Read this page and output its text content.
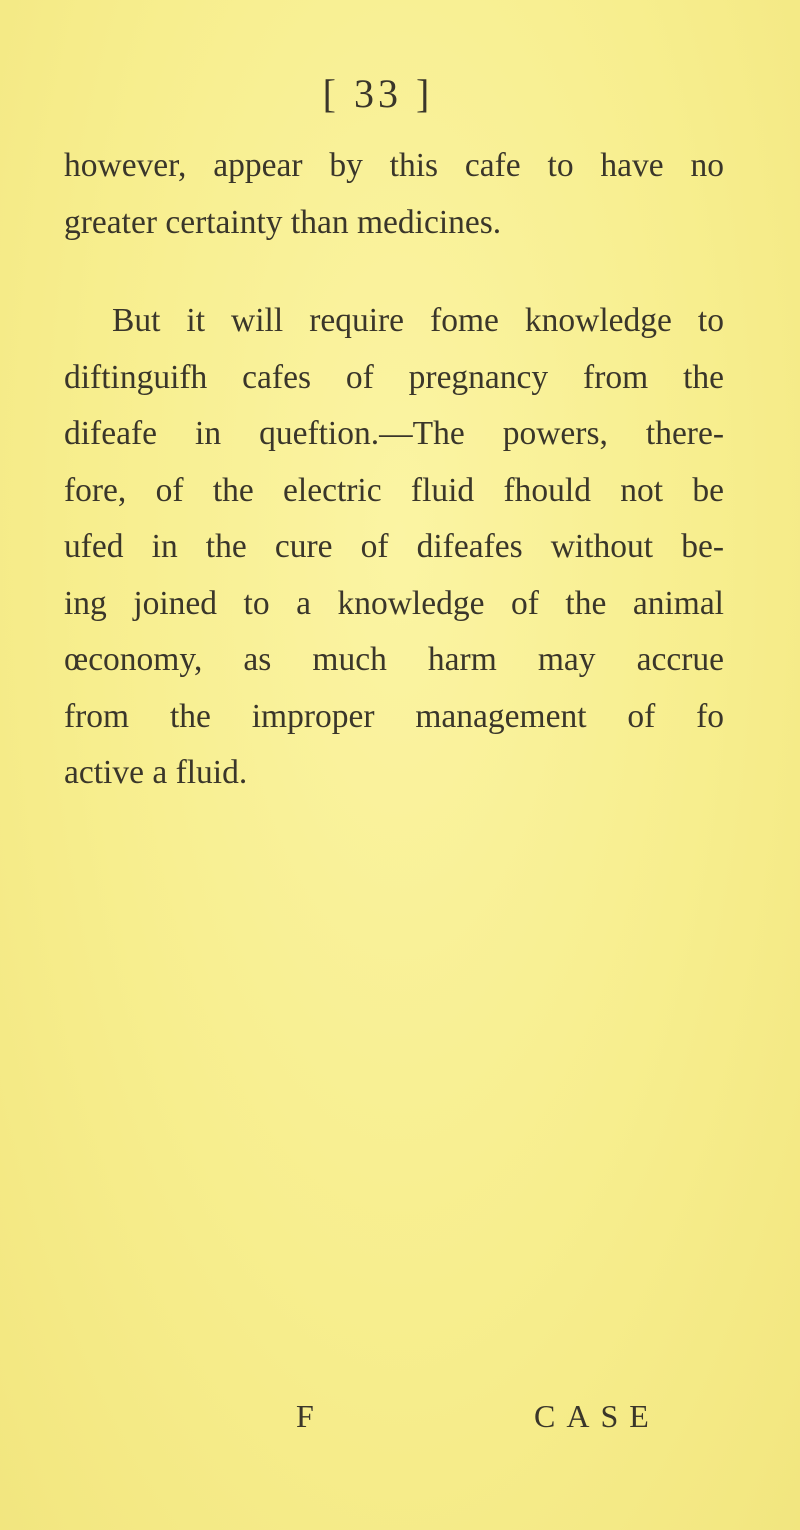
[ 33 ]
however, appear by this cafe to have no
greater certainty than medicines.
But it will require fome knowledge to
diftinguifh cafes of pregnancy from the
difeafe in queftion.—The powers, there-
fore, of the electric fluid fhould not be
ufed in the cure of difeafes without be-
ing joined to a knowledge of the animal
œconomy, as much harm may accrue
from the improper management of fo
active a fluid.
F	CASE
